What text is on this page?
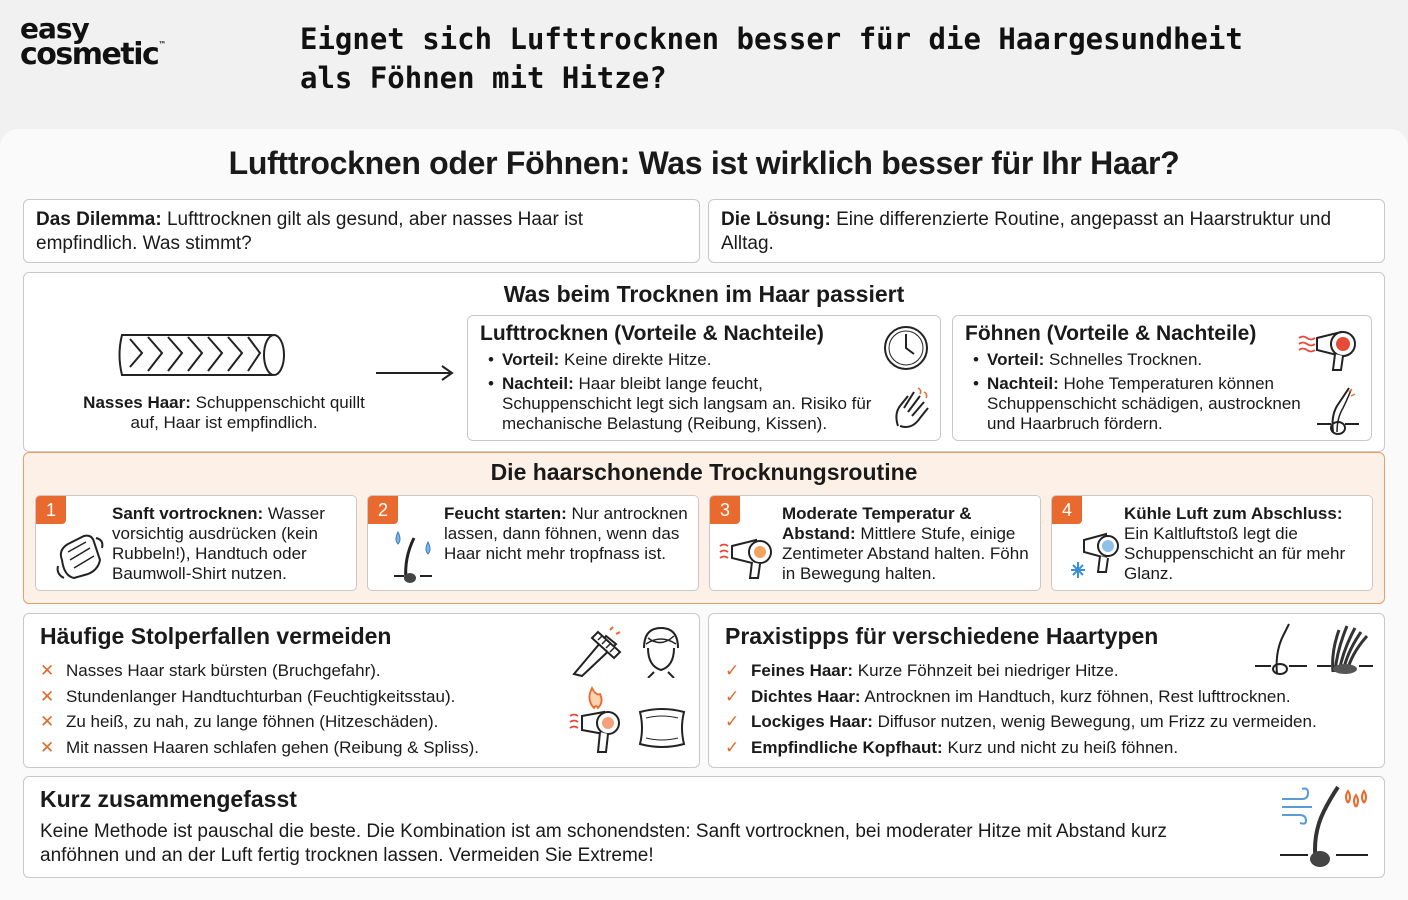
easy
cosmetic™	Eignet sich Lufttrocknen besser für die Haargesundheit als Föhnen mit Hitze?
Lufttrocknen oder Föhnen: Was ist wirklich besser für Ihr Haar?
Das Dilemma: Lufttrocknen gilt als gesund, aber nasses Haar ist empfindlich. Was stimmt?
Die Lösung: Eine differenzierte Routine, angepasst an Haarstruktur und Alltag.
Was beim Trocknen im Haar passiert
Nasses Haar: Schuppenschicht quillt auf, Haar ist empfindlich.
Lufttrocknen (Vorteile & Nachteile)
• Vorteil: Keine direkte Hitze.
• Nachteil: Haar bleibt lange feucht, Schuppenschicht legt sich langsam an. Risiko für mechanische Belastung (Reibung, Kissen).
Föhnen (Vorteile & Nachteile)
• Vorteil: Schnelles Trocknen.
• Nachteil: Hohe Temperaturen können Schuppenschicht schädigen, austrocknen und Haarbruch fördern.
Die haarschonende Trocknungsroutine
1	Sanft vortrocknen: Wasser vorsichtig ausdrücken (kein Rubbeln!), Handtuch oder Baumwoll-Shirt nutzen.
2	Feucht starten: Nur antrocknen lassen, dann föhnen, wenn das Haar nicht mehr tropfnass ist.
3	Moderate Temperatur & Abstand: Mittlere Stufe, einige Zentimeter Abstand halten. Föhn in Bewegung halten.
4	Kühle Luft zum Abschluss: Ein Kaltluftstoß legt die Schuppenschicht an für mehr Glanz.
Häufige Stolperfallen vermeiden
✕ Nasses Haar stark bürsten (Bruchgefahr).
✕ Stundenlanger Handtuchturban (Feuchtigkeitsstau).
✕ Zu heiß, zu nah, zu lange föhnen (Hitzeschäden).
✕ Mit nassen Haaren schlafen gehen (Reibung & Spliss).
Praxistipps für verschiedene Haartypen
✓ Feines Haar: Kurze Föhnzeit bei niedriger Hitze.
✓ Dichtes Haar: Antrocknen im Handtuch, kurz föhnen, Rest lufttrocknen.
✓ Lockiges Haar: Diffusor nutzen, wenig Bewegung, um Frizz zu vermeiden.
✓ Empfindliche Kopfhaut: Kurz und nicht zu heiß föhnen.
Kurz zusammengefasst
Keine Methode ist pauschal die beste. Die Kombination ist am schonendsten: Sanft vortrocknen, bei moderater Hitze mit Abstand kurz anföhnen und an der Luft fertig trocknen lassen. Vermeiden Sie Extreme!
